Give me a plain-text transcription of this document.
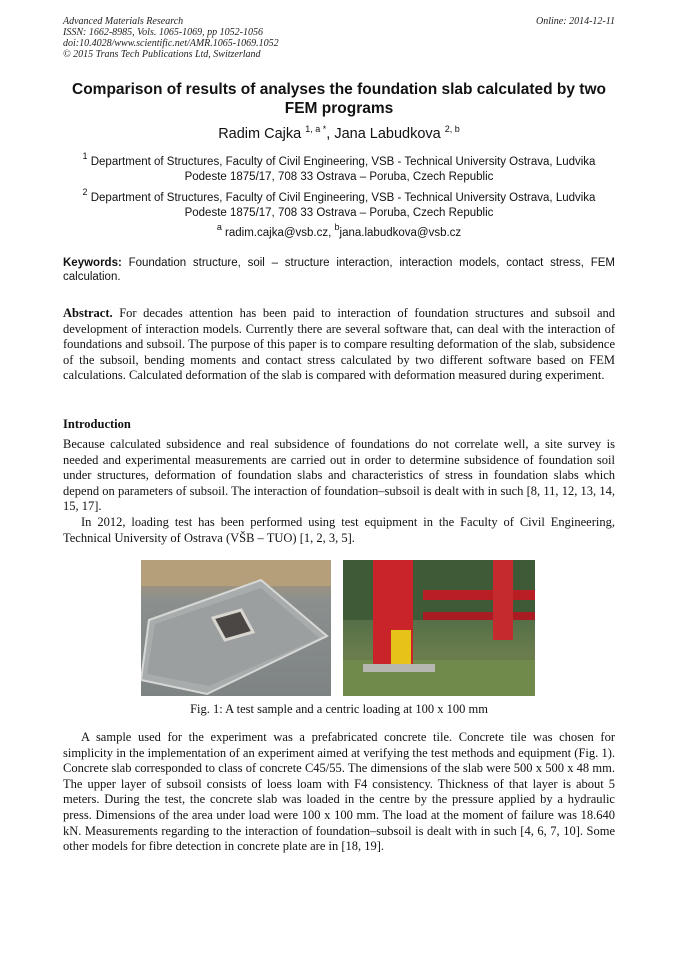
Advanced Materials Research
ISSN: 1662-8985, Vols. 1065-1069, pp 1052-1056
doi:10.4028/www.scientific.net/AMR.1065-1069.1052
© 2015 Trans Tech Publications Ltd, Switzerland
Online: 2014-12-11
Comparison of results of analyses the foundation slab calculated by two FEM programs
Radim Cajka $^{1, a *}$, Jana Labudkova $^{2, b}$
$^1$ Department of Structures, Faculty of Civil Engineering, VSB - Technical University Ostrava, Ludvika Podeste 1875/17, 708 33 Ostrava – Poruba, Czech Republic
$^2$ Department of Structures, Faculty of Civil Engineering, VSB - Technical University Ostrava, Ludvika Podeste 1875/17, 708 33 Ostrava – Poruba, Czech Republic
$^a$ radim.cajka@vsb.cz, $^b$jana.labudkova@vsb.cz
Keywords: Foundation structure, soil – structure interaction, interaction models, contact stress, FEM calculation.
Abstract. For decades attention has been paid to interaction of foundation structures and subsoil and development of interaction models. Currently there are several software that, can deal with the interaction of foundations and subsoil. The purpose of this paper is to compare resulting deformation of the slab, subsidence of the subsoil, bending moments and contact stress calculated by two different software based on FEM calculations. Calculated deformation of the slab is compared with deformation measured during experiment.
Introduction

Because calculated subsidence and real subsidence of foundations do not correlate well, a site survey is needed and experimental measurements are carried out in order to determine subsidence of foundation soil under structures, deformation of foundation slabs and characteristics of stress in foundation slabs which depend on parameters of subsoil. The interaction of foundation–subsoil is dealt with in such [8, 11, 12, 13, 14, 15, 17].

In 2012, loading test has been performed using test equipment in the Faculty of Civil Engineering, Technical University of Ostrava (VŠB – TUO) [1, 2, 3, 5].

Fig. 1: A test sample and a centric loading at 100 x 100 mm

A sample used for the experiment was a prefabricated concrete tile. Concrete tile was chosen for simplicity in the implementation of an experiment aimed at verifying the test methods and equipment (Fig. 1). Concrete slab corresponded to class of concrete C45/55. The dimensions of the slab were 500 x 500 x 48 mm. The upper layer of subsoil consists of loess loam with F4 consistency. Thickness of that layer is about 5 meters. During the test, the concrete slab was loaded in the centre by the pressure applied by a hydraulic press. Dimensions of the area under load were 100 x 100 mm. The load at the moment of failure was 18.640 kN. Measurements regarding to the interaction of foundation–subsoil is dealt with in such [4, 6, 7, 10]. Some other models for fibre detection in concrete plate are in [18, 19].
